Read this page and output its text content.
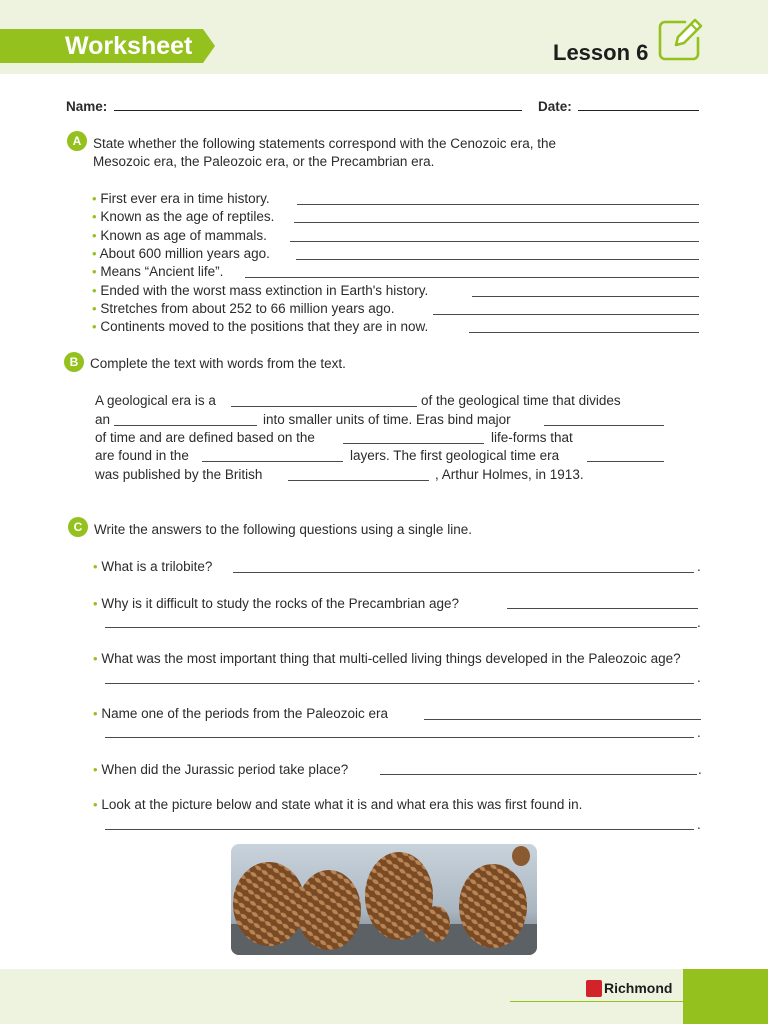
Worksheet	Lesson 6
Name:	Date:
A State whether the following statements correspond with the Cenozoic era, the
Mesozoic era, the Paleozoic era, or the Precambrian era.
• First ever era in time history.
• Known as the age of reptiles.
• Known as age of mammals.
• About 600 million years ago.
• Means “Ancient life”.
• Ended with the worst mass extinction in Earth's history.
• Stretches from about 252 to 66 million years ago.
• Continents moved to the positions that they are in now.
B Complete the text with words from the text.
A geological era is a	of the geological time that divides
an	into smaller units of time. Eras bind major
of time and are defined based on the	life-forms that
are found in the	layers. The first geological time era
was published by the British	, Arthur Holmes, in 1913.
C Write the answers to the following questions using a single line.
• What is a trilobite?	.
• Why is it difficult to study the rocks of the Precambrian age?
.
• What was the most important thing that multi-celled living things developed in the Paleozoic age?
.
• Name one of the periods from the Paleozoic era
.
• When did the Jurassic period take place?	.
• Look at the picture below and state what it is and what era this was first found in.
.
Richmond
